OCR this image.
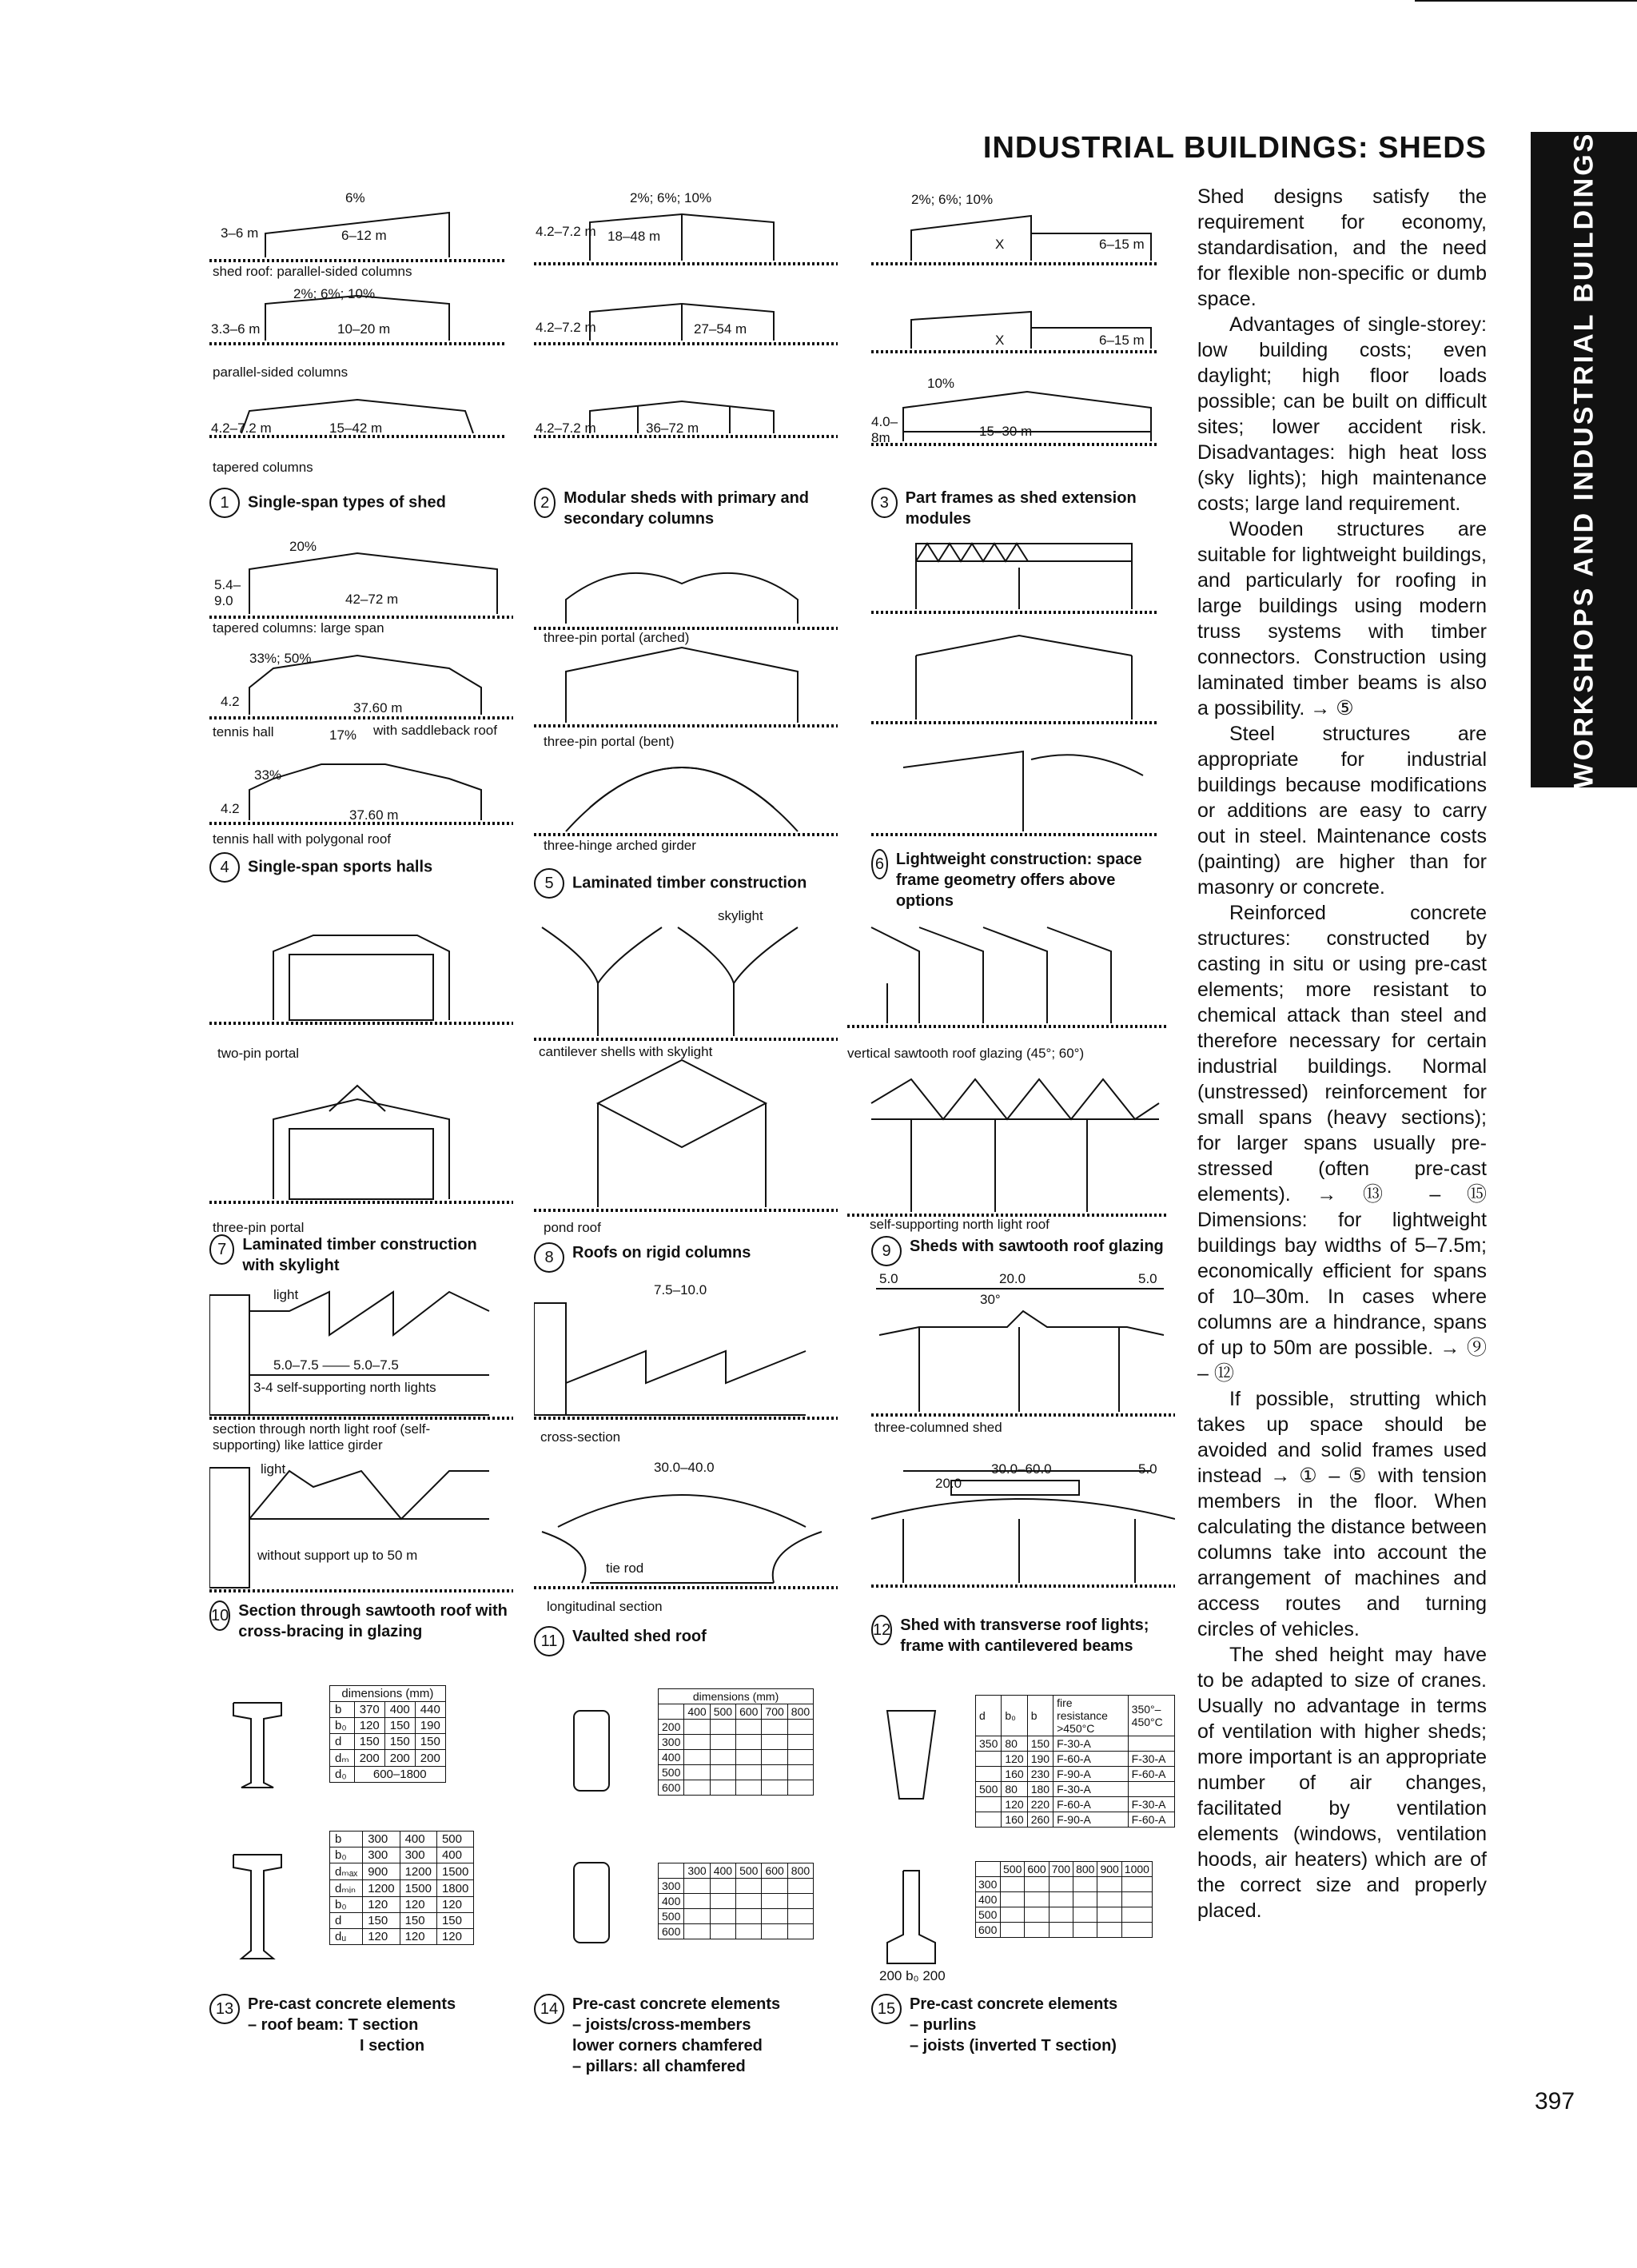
INDUSTRIAL BUILDINGS: SHEDS	WORKSHOPS AND INDUSTRIAL BUILDINGS

Shed designs satisfy the requirement for economy, standardisation, and the need for flexible non-specific or dumb space.

Advantages of single-storey: low building costs; even daylight; high floor loads possible; can be built on difficult sites; lower accident risk. Disadvantages: high heat loss (sky lights); high maintenance costs; large land requirement.

Wooden structures are suitable for lightweight buildings, and particularly for roofing in large buildings using modern truss systems with timber connectors. Construction using laminated timber beams is also a possibility. → ⑤

Steel structures are appropriate for industrial buildings because modifications or additions are easy to carry out in steel. Maintenance costs (painting) are higher than for masonry or concrete.

Reinforced concrete structures: constructed by casting in situ or using pre-cast elements; more resistant to chemical attack than steel and therefore necessary for certain industrial buildings. Normal (unstressed) reinforcement for small spans (heavy sections); for larger spans usually pre-stressed (often pre-cast elements). → ⑬ – ⑮ Dimensions: for lightweight buildings bay widths of 5–7.5m; economically efficient for spans of 10–30m. In cases where columns are a hindrance, spans of up to 50m are possible. → ⑨ – ⑫

If possible, strutting which takes up space should be avoided and solid frames used instead → ① – ⑤ with tension members in the floor. When calculating the distance between columns take into account the arrangement of machines and access routes and turning circles of vehicles.

The shed height may have to be adapted to size of cranes. Usually no advantage in terms of ventilation with higher sheds; more important is an appropriate number of air changes, facilitated by ventilation elements (windows, ventilation hoods, air heaters) which are of the correct size and properly placed.

397
6%
3–6 m	6–12 m
shed roof: parallel-sided columns
2%; 6%; 10%
3.3–6 m	10–20 m
parallel-sided columns
4.2–7.2 m	15–42 m
tapered columns
1 Single-span types of shed
2%; 6%; 10%
4.2–7.2 m 18–48 m
4.2–7.2 m	27–54 m
4.2–7.2 m	36–72 m
2 Modular sheds with primary and secondary columns
2%; 6%; 10%
X	6–15 m
X	6–15 m
10%
4.0–8m	15–30 m
3	Part frames as shed extension modules
20%
5.4–9.0	42–72 m
tapered columns: large span
33%; 50%
4.2	37.60 m
tennis hall	17% with saddleback roof
33%
4.2	37.60 m
tennis hall with polygonal roof
4 Single-span sports halls
three-pin portal (arched)
three-pin portal (bent)
three-hinge arched girder
5 Laminated timber construction
6 Lightweight construction: space frame geometry offers above options
two-pin portal
three-pin portal
7	Laminated timber construction with skylight
skylight
cantilever shells with skylight
pond roof
8	Roofs on rigid columns
vertical sawtooth roof glazing (45°; 60°)
self-supporting north light roof
9	Sheds with sawtooth roof glazing
light
5.0–7.5 —— 5.0–7.5
3-4 self-supporting north lights
section through north light roof (self-supporting) like lattice girder
light
without support up to 50 m
10 Section through sawtooth roof with cross-bracing in glazing
7.5–10.0
cross-section
30.0–40.0
tie rod
longitudinal section
11 Vaulted shed roof
5.0	20.0	5.0
30°
three-columned shed
30.0–60.0	5.0
20.0
12 Shed with transverse roof lights; frame with cantilevered beams
dimensions (mm)			
b	370	400	440
b₀	120	150	190
d	150	150	150
dₘ	200	200	200
d₀	600–1800		
b	300	400	500
b₀	300	300	400
dₘₐₓ	900	1200	1500
dₘᵢₙ	1200	1500	1800
b₀	120	120	120
d	150	150	150
dᵤ	120	120	120
13 Pre-cast concrete elements
– roof beam: T section
I section
dimensions (mm)					
	400	500	600	700	800
200					
300					
400					
500					
600					
	300	400	500	600	800
300					
400					
500					
600					
14 Pre-cast concrete elements
– joists/cross-members
lower corners chamfered
– pillars: all chamfered
d	b₀	b	fire resistance >450°C	350°–450°C
350	80	150	F-30-A	
	120	190	F-60-A	F-30-A
	160	230	F-90-A	F-60-A
500	80	180	F-30-A	
	120	220	F-60-A	F-30-A
	160	260	F-90-A	F-60-A
	500	600	700	800	900	1000
300						
400						
500						
600						
200 b₀ 200
15 Pre-cast concrete elements
– purlins
– joists (inverted T section)
